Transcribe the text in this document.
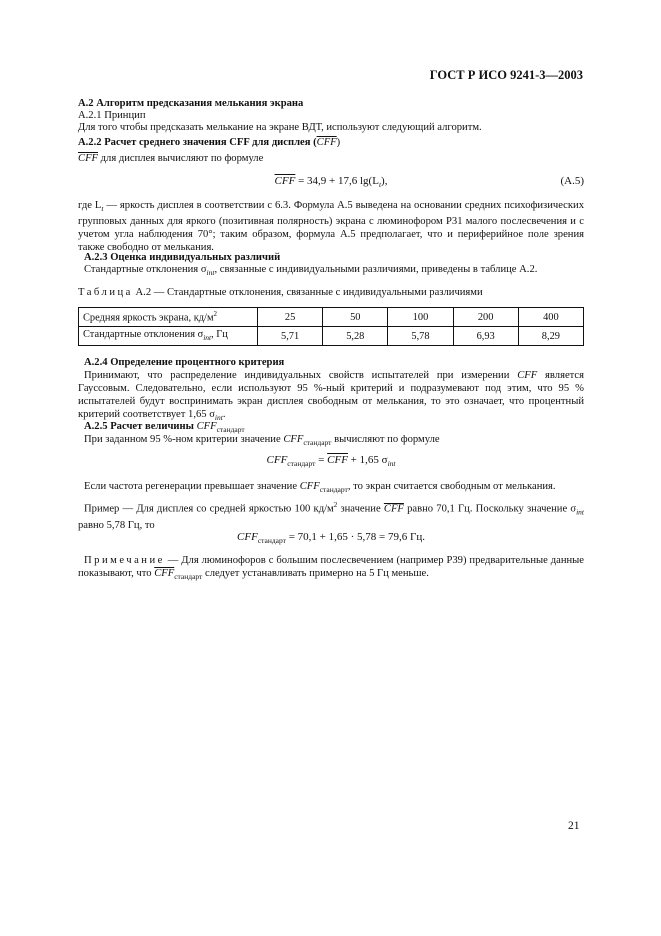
ГОСТ Р ИСО 9241-3—2003
А.2 Алгоритм предсказания мелькания экрана
А.2.1 Принцип
Для того чтобы предсказать мелькание на экране ВДТ, используют следующий алгоритм.
А.2.2 Расчет среднего значения CFF для дисплея $(\overline{CFF})$
$\overline{CFF}$ для дисплея вычисляют по формуле
$\overline{CFF} = 34,9 + 17,6$ $\lg(L_t)$,	(А.5)
где $L_t$ — яркость дисплея в соответствии с 6.3. Формула А.5 выведена на основании средних психофизических групповых данных для яркого (позитивная полярность) экрана с люминофором Р31 малого послесвечения и с учетом угла наблюдения 70°; таким образом, формула А.5 предполагает, что и периферийное поле зрения также свободно от мелькания.
А.2.3 Оценка индивидуальных различий
Стандартные отклонения $\sigma_{int}$, связанные с индивидуальными различиями, приведены в таблице А.2.
Таблица А.2 — Стандартные отклонения, связанные с индивидуальными различиями
Средняя яркость экрана, $кд/м^2$	25	50	100	200	400
Стандартные отклонения $\sigma_{int}$, Гц	5,71	5,28	5,78	6,93	8,29
А.2.4 Определение процентного критерия
Принимают, что распределение индивидуальных свойств испытателей при измерении CFF является Гауссовым. Следовательно, если используют 95 %-ный критерий и подразумевают под этим, что 95 % испытателей будут воспринимать экран дисплея свободным от мелькания, то это означает, что процентный критерий соответствует 1,65 $\sigma_{int}$.
А.2.5 Расчет величины $CFF_{стандарт}$
При заданном 95 %-ном критерии значение $CFF_{стандарт}$ вычисляют по формуле
$CFF_{стандарт} = \overline{CFF} + 1,65$ $\sigma_{int}$
Если частота регенерации превышает значение $CFF_{стандарт}$, то экран считается свободным от мелькания.
Пример — Для дисплея со средней яркостью 100 $кд/м^2$ значение $\overline{CFF}$ равно 70,1 Гц. Поскольку значение $\sigma_{int}$ равно 5,78 Гц, то
$CFF_{стандарт} = 70,1 + 1,65 \cdot 5,78 = 79,6$ Гц.
Примечание — Для люминофоров с большим послесвечением (например Р39) предварительные данные показывают, что $\overline{CFF}_{стандарт}$ следует устанавливать примерно на 5 Гц меньше.
21
